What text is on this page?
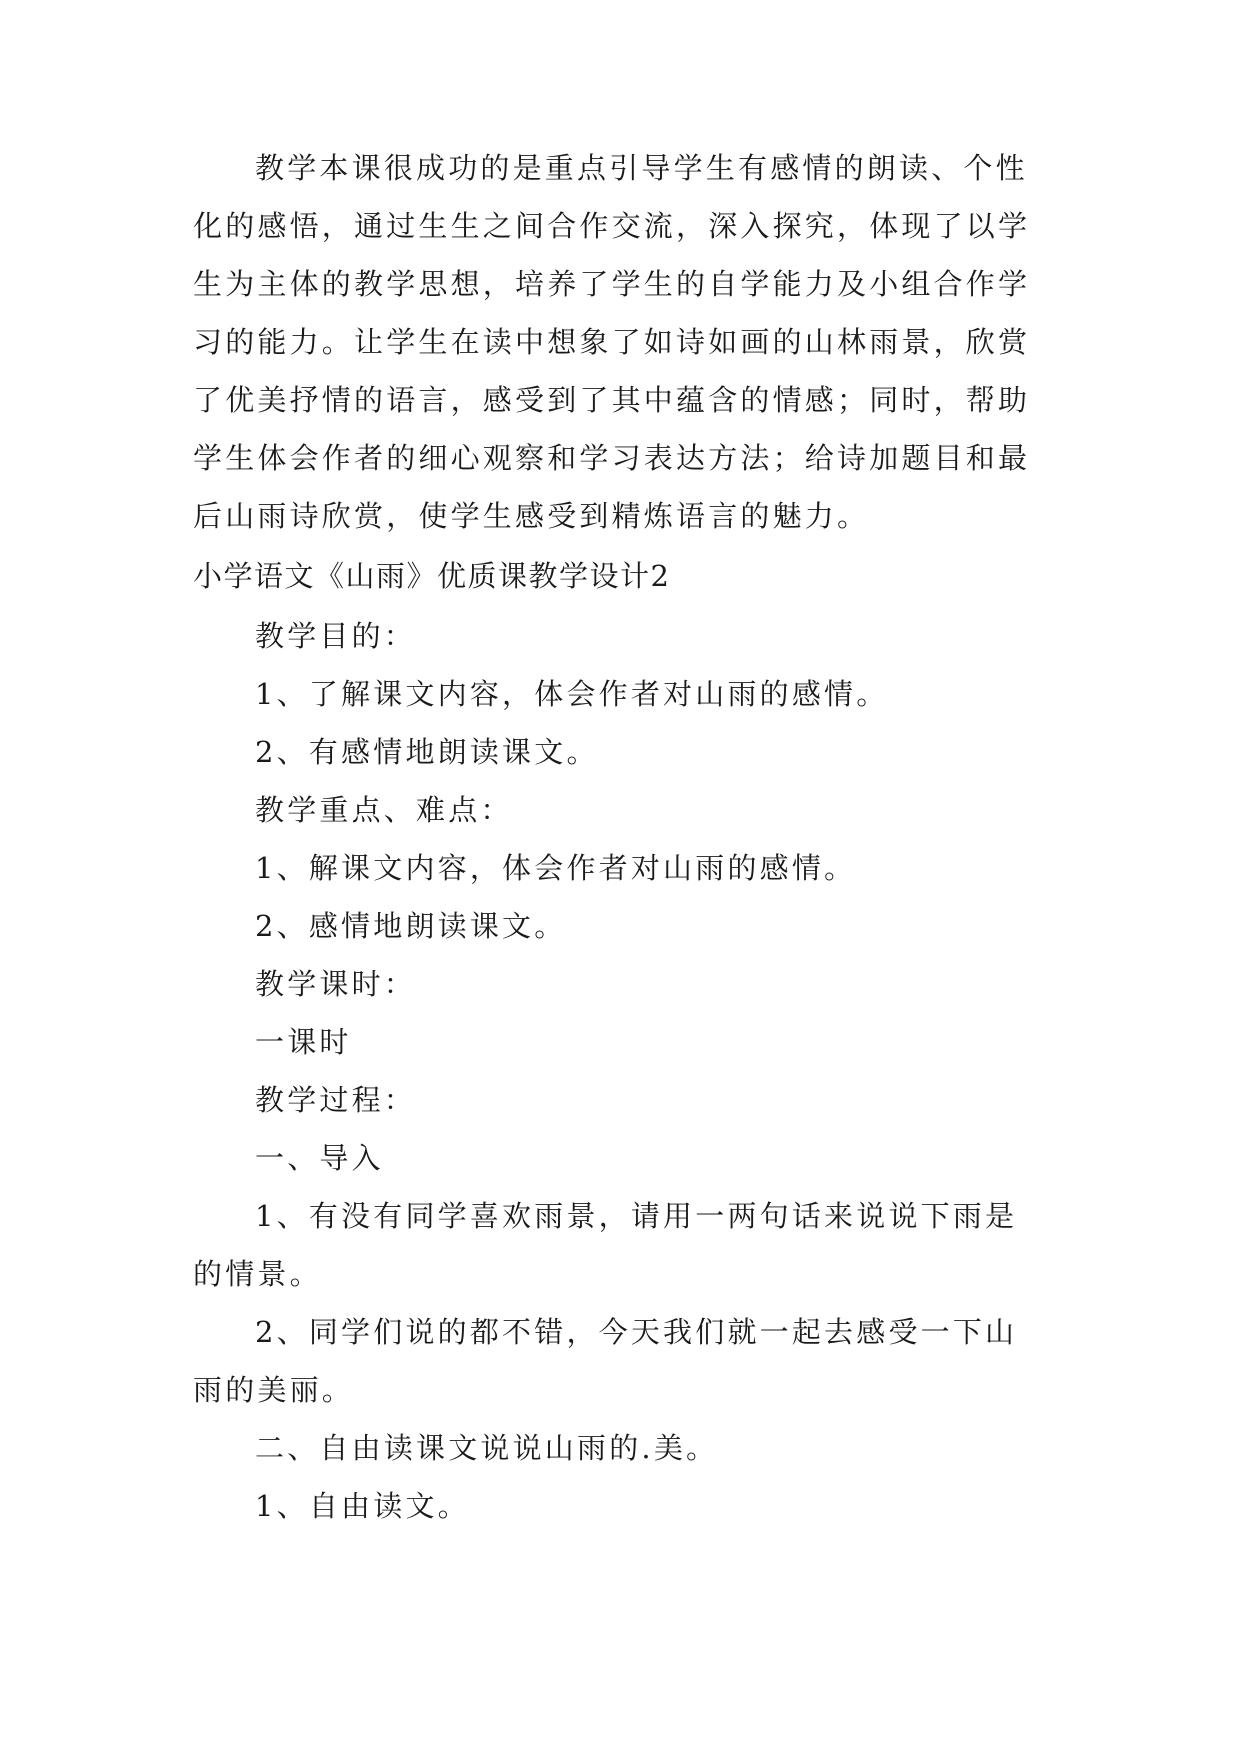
教学本课很成功的是重点引导学生有感情的朗读、个性
化的感悟，通过生生之间合作交流，深入探究，体现了以学
生为主体的教学思想，培养了学生的自学能力及小组合作学
习的能力。让学生在读中想象了如诗如画的山林雨景，欣赏
了优美抒情的语言，感受到了其中蕴含的情感；同时，帮助
学生体会作者的细心观察和学习表达方法；给诗加题目和最
后山雨诗欣赏，使学生感受到精炼语言的魅力。
小学语文《山雨》优质课教学设计2
教学目的：
1、了解课文内容，体会作者对山雨的感情。
2、有感情地朗读课文。
教学重点、难点：
1、解课文内容，体会作者对山雨的感情。
2、感情地朗读课文。
教学课时：
一课时
教学过程：
一、导入
1、有没有同学喜欢雨景，请用一两句话来说说下雨是
的情景。
2、同学们说的都不错，今天我们就一起去感受一下山
雨的美丽。
二、自由读课文说说山雨的.美。
1、自由读文。
